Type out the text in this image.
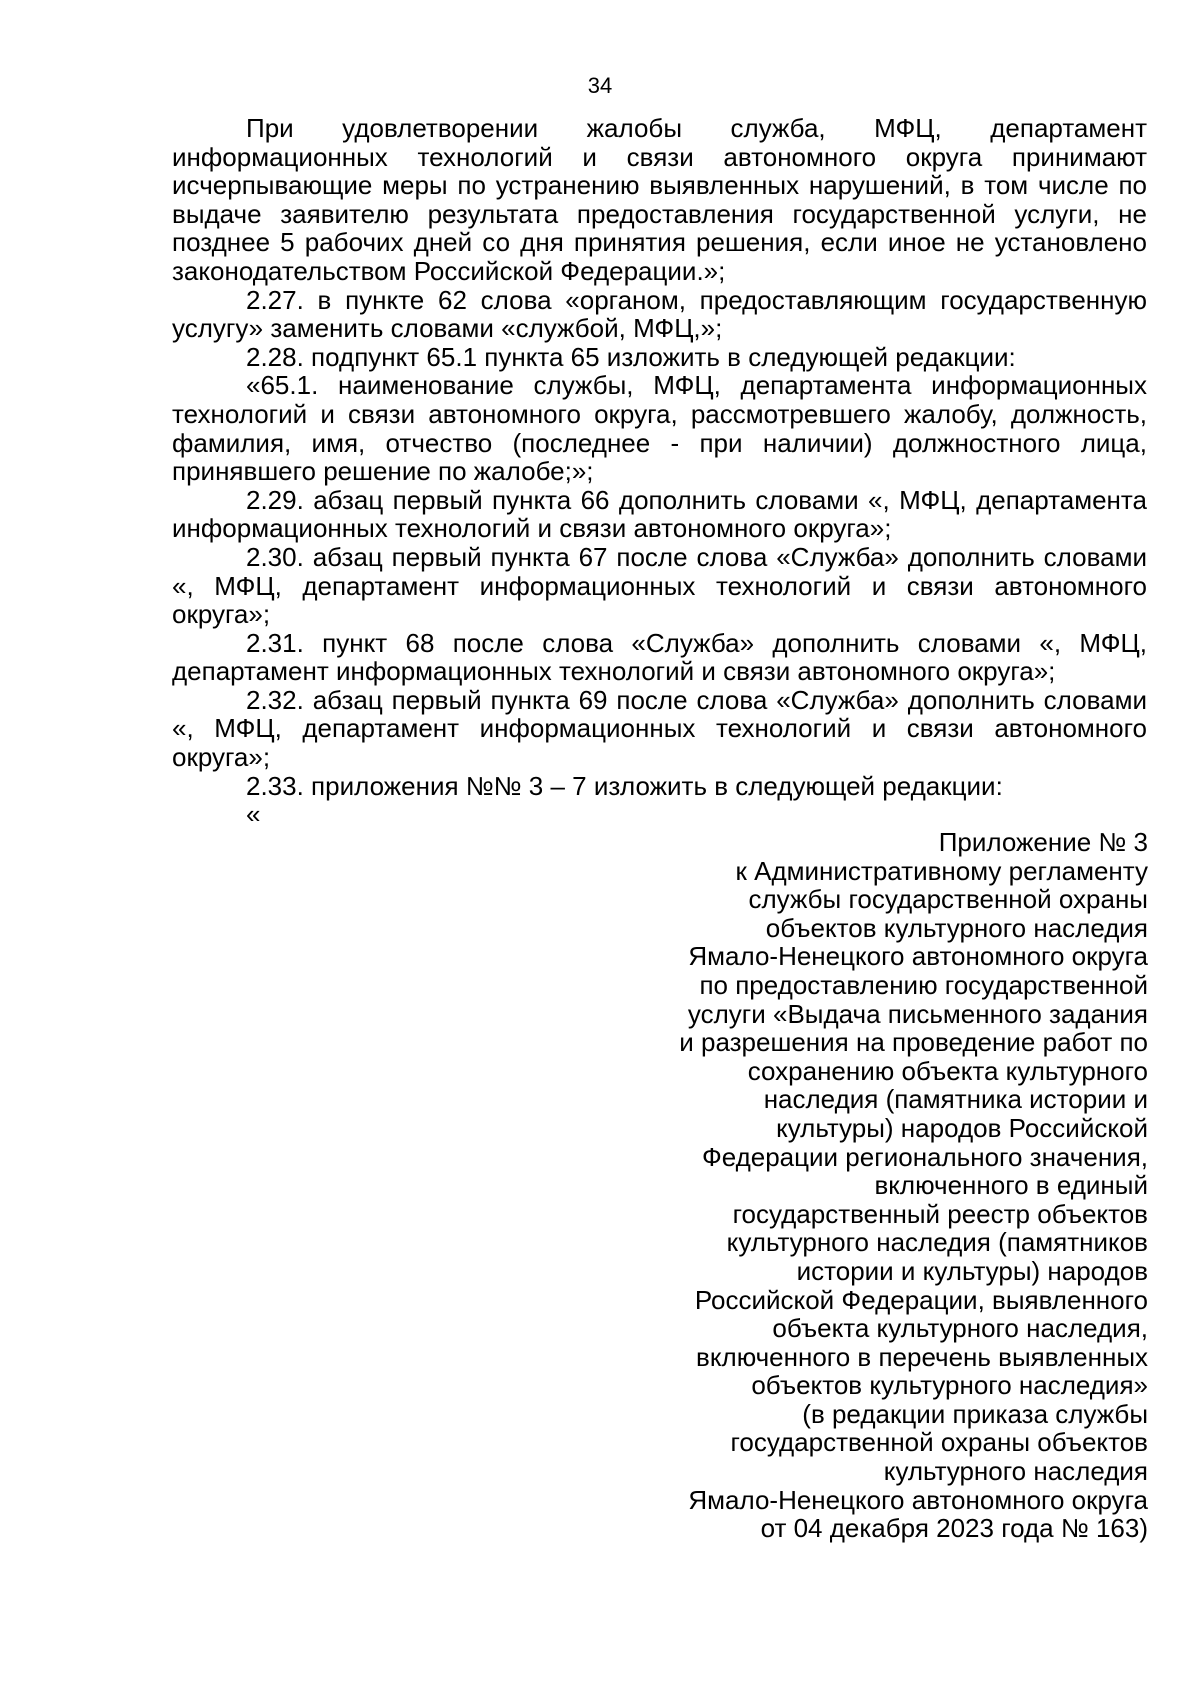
34

При удовлетворении жалобы служба, МФЦ, департамент информационных технологий и связи автономного округа принимают исчерпывающие меры по устранению выявленных нарушений, в том числе по выдаче заявителю результата предоставления государственной услуги, не позднее 5 рабочих дней со дня принятия решения, если иное не установлено законодательством Российской Федерации.»;

2.27. в пункте 62 слова «органом, предоставляющим государственную услугу» заменить словами «службой, МФЦ,»;

2.28. подпункт 65.1 пункта 65 изложить в следующей редакции:

«65.1. наименование службы, МФЦ, департамента информационных технологий и связи автономного округа, рассмотревшего жалобу, должность, фамилия, имя, отчество (последнее - при наличии) должностного лица, принявшего решение по жалобе;»;

2.29. абзац первый пункта 66 дополнить словами «, МФЦ, департамента информационных технологий и связи автономного округа»;

2.30. абзац первый пункта 67 после слова «Служба» дополнить словами «, МФЦ, департамент информационных технологий и связи автономного округа»;

2.31. пункт 68 после слова «Служба» дополнить словами «, МФЦ, департамент информационных технологий и связи автономного округа»;

2.32. абзац первый пункта 69 после слова «Служба» дополнить словами «, МФЦ, департамент информационных технологий и связи автономного округа»;

2.33. приложения №№ 3 – 7 изложить в следующей редакции:

«

Приложение № 3
к Административному регламенту
службы государственной охраны
объектов культурного наследия
Ямало-Ненецкого автономного округа
по предоставлению государственной
услуги «Выдача письменного задания
и разрешения на проведение работ по
сохранению объекта культурного
наследия (памятника истории и
культуры) народов Российской
Федерации регионального значения,
включенного в единый
государственный реестр объектов
культурного наследия (памятников
истории и культуры) народов
Российской Федерации, выявленного
объекта культурного наследия,
включенного в перечень выявленных
объектов культурного наследия»
(в редакции приказа службы
государственной охраны объектов
культурного наследия
Ямало-Ненецкого автономного округа
от 04 декабря 2023 года № 163)
